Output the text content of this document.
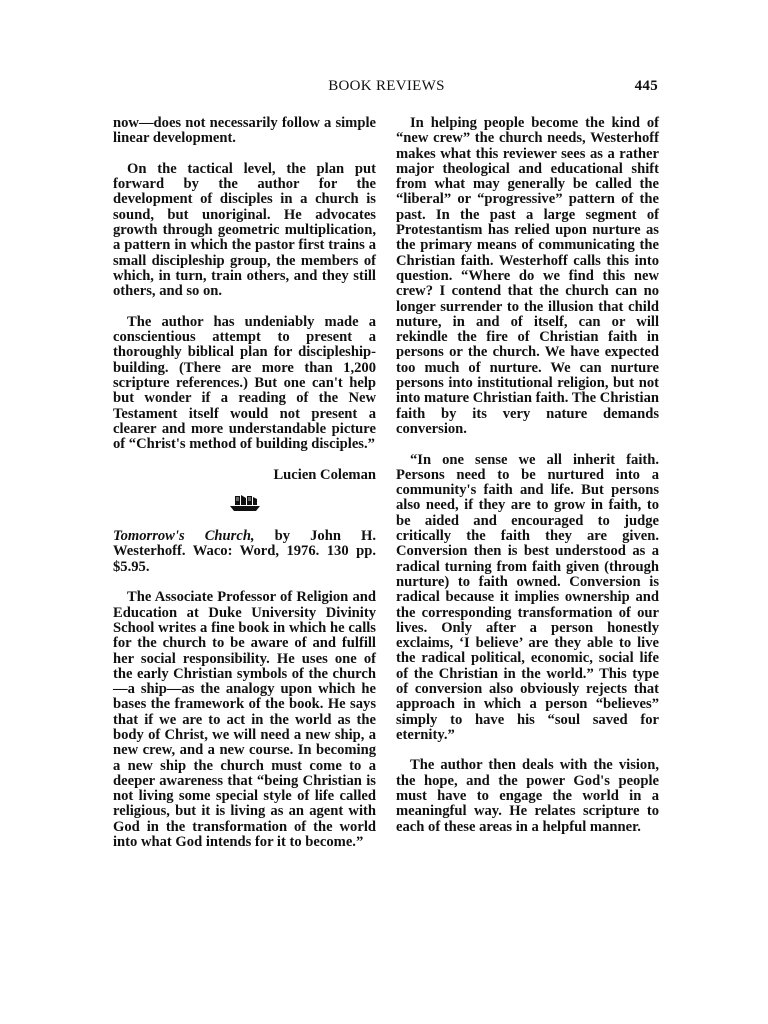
BOOK REVIEWS	445

now—does not necessarily follow a simple linear development.

On the tactical level, the plan put forward by the author for the development of disciples in a church is sound, but unoriginal. He advocates growth through geometric multiplication, a pattern in which the pastor first trains a small discipleship group, the members of which, in turn, train others, and they still others, and so on.

The author has undeniably made a conscientious attempt to present a thoroughly biblical plan for discipleship-building. (There are more than 1,200 scripture references.) But one can't help but wonder if a reading of the New Testament itself would not present a clearer and more understandable picture of “Christ's method of building disciples.”

Lucien Coleman

Tomorrow's Church, by John H. Westerhoff. Waco: Word, 1976. 130 pp. $5.95.

The Associate Professor of Religion and Education at Duke University Divinity School writes a fine book in which he calls for the church to be aware of and fulfill her social responsibility. He uses one of the early Christian symbols of the church—a ship—as the analogy upon which he bases the framework of the book. He says that if we are to act in the world as the body of Christ, we will need a new ship, a new crew, and a new course. In becoming a new ship the church must come to a deeper awareness that “being Christian is not living some special style of life called religious, but it is living as an agent with God in the transformation of the world into what God intends for it to become.”

In helping people become the kind of “new crew” the church needs, Westerhoff makes what this reviewer sees as a rather major theological and educational shift from what may generally be called the “liberal” or “progressive” pattern of the past. In the past a large segment of Protestantism has relied upon nurture as the primary means of communicating the Christian faith. Westerhoff calls this into question. “Where do we find this new crew? I contend that the church can no longer surrender to the illusion that child nuture, in and of itself, can or will rekindle the fire of Christian faith in persons or the church. We have expected too much of nurture. We can nurture persons into institutional religion, but not into mature Christian faith. The Christian faith by its very nature demands conversion.

“In one sense we all inherit faith. Persons need to be nurtured into a community's faith and life. But persons also need, if they are to grow in faith, to be aided and encouraged to judge critically the faith they are given. Conversion then is best understood as a radical turning from faith given (through nurture) to faith owned. Conversion is radical because it implies ownership and the corresponding transformation of our lives. Only after a person honestly exclaims, ‘I believe’ are they able to live the radical political, economic, social life of the Christian in the world.” This type of conversion also obviously rejects that approach in which a person “believes” simply to have his “soul saved for eternity.”

The author then deals with the vision, the hope, and the power God's people must have to engage the world in a meaningful way. He relates scripture to each of these areas in a helpful manner.
